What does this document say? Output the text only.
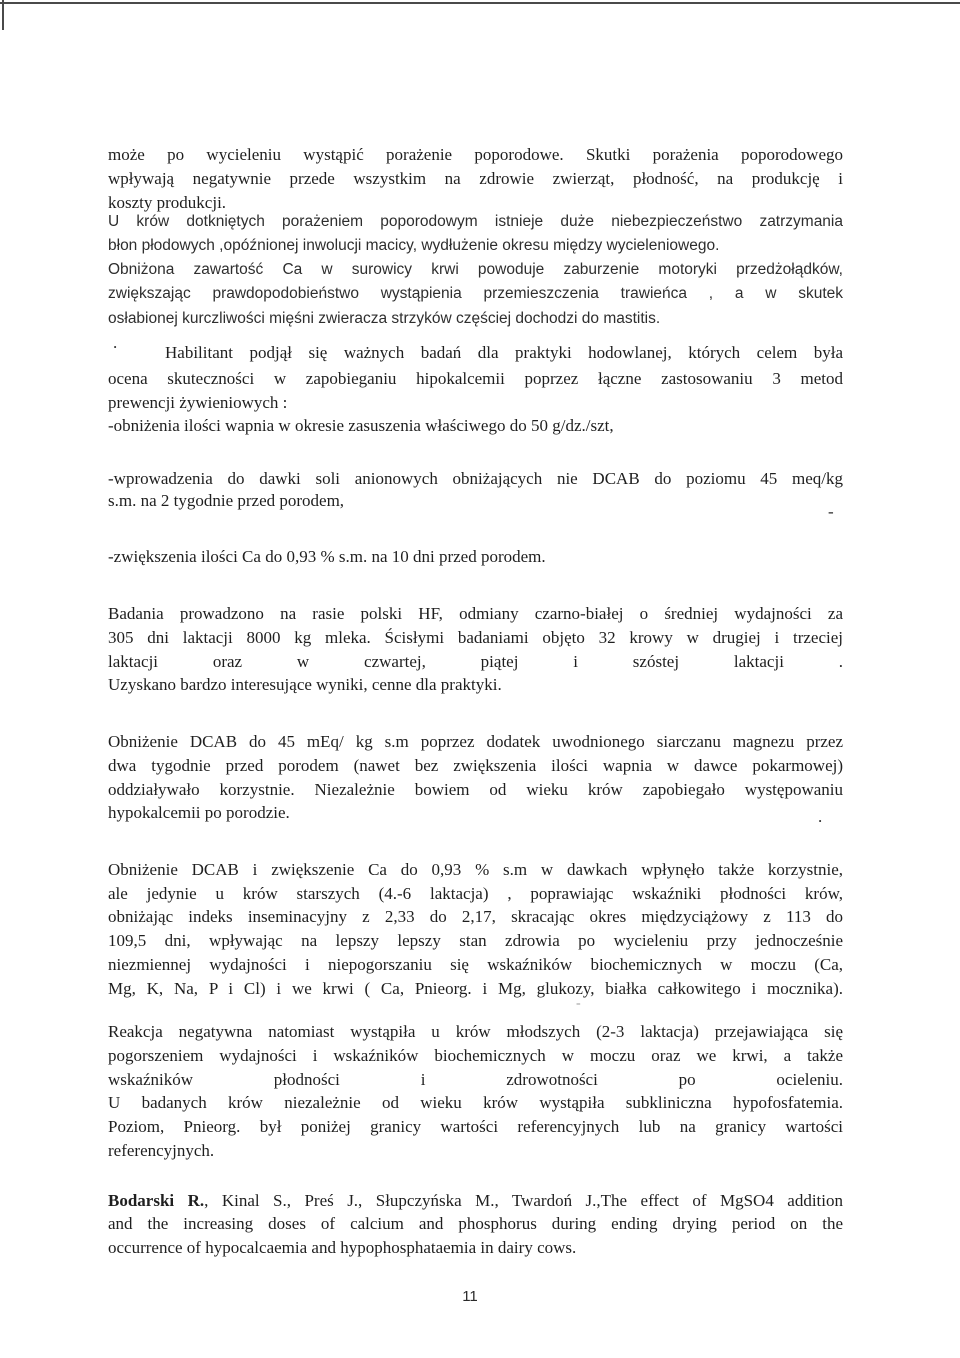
może po wycieleniu wystąpić porażenie poporodowe. Skutki porażenia poporodowego
wpływają negatywnie przede wszystkim na zdrowie zwierząt, płodność, na produkcję i
koszty produkcji.
U krów dotkniętych porażeniem poporodowym istnieje duże niebezpieczeństwo zatrzymania
błon płodowych ,opóźnionej inwolucji macicy, wydłużenie okresu między wycieleniowego.
Obniżona zawartość Ca w surowicy krwi powoduje zaburzenie motoryki przedżołądków,
zwiększając prawdopodobieństwo wystąpienia przemieszczenia trawieńca , a w skutek
osłabionej kurczliwości mięśni zwieracza strzyków częściej dochodzi do mastitis.
.
Habilitant podjął się ważnych badań dla praktyki hodowlanej, których celem była
ocena skuteczności w zapobieganiu hipokalcemii poprzez łączne zastosowaniu 3 metod
prewencji żywieniowych :
-obniżenia ilości wapnia w okresie zasuszenia właściwego do 50 g/dz./szt,
-wprowadzenia do dawki soli anionowych obniżających nie DCAB do poziomu 45 meq/kg
s.m. na 2 tygodnie przed porodem,
-
-zwiększenia ilości Ca do 0,93 % s.m. na 10 dni przed porodem.
Badania prowadzono na rasie polski HF, odmiany czarno-białej o średniej wydajności za
305 dni laktacji 8000 kg mleka. Ścisłymi badaniami objęto 32 krowy w drugiej i trzeciej
laktacji oraz w czwartej, piątej i szóstej laktacji .
Uzyskano bardzo interesujące wyniki, cenne dla praktyki.
Obniżenie DCAB do 45 mEq/ kg s.m poprzez dodatek uwodnionego siarczanu magnezu przez
dwa tygodnie przed porodem (nawet bez zwiększenia ilości wapnia w dawce pokarmowej)
oddziaływało korzystnie. Niezależnie bowiem od wieku krów zapobiegało występowaniu
hypokalcemii po porodzie.	.
Obniżenie DCAB i zwiększenie Ca do 0,93 % s.m w dawkach wpłynęło także korzystnie,
ale jedynie u krów starszych (4.-6 laktacja) , poprawiając wskaźniki płodności krów,
obniżając indeks inseminacyjny z 2,33 do 2,17, skracając okres międzyciążowy z 113 do
109,5 dni, wpływając na lepszy lepszy stan zdrowia po wycieleniu przy jednocześnie
niezmiennej wydajności i niepogorszaniu się wskaźników biochemicznych w moczu (Ca,
Mg, K, Na, P i Cl) i we krwi ( Ca, Pnieorg. i Mg, glukozy, białka całkowitego i mocznika).
-
Reakcja negatywna natomiast wystąpiła u krów młodszych (2-3 laktacja) przejawiająca się
pogorszeniem wydajności i wskaźników biochemicznych w moczu oraz we krwi, a także
wskaźników płodności i zdrowotności po ocieleniu.
U badanych krów niezależnie od wieku krów wystąpiła subkliniczna hypofosfatemia.
Poziom, Pnieorg. był poniżej granicy wartości referencyjnych lub na granicy wartości
referencyjnych.
Bodarski R., Kinal S., Preś J., Słupczyńska M., Twardoń J.,The effect of MgSO4 addition
and the increasing doses of calcium and phosphorus during ending drying period on the
occurrence of hypocalcaemia and hypophosphataemia in dairy cows.
11
